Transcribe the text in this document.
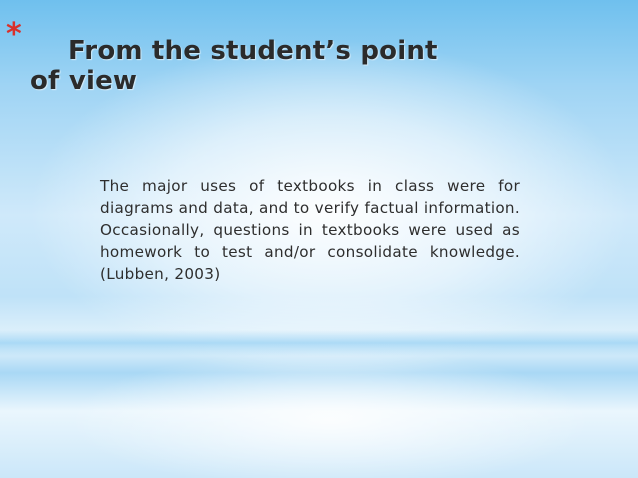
*	From the student’s point of view

The major uses of textbooks in class were for diagrams and data, and to verify factual information. Occasionally, questions in textbooks were used as homework to test and/or consolidate knowledge. (Lubben, 2003)
